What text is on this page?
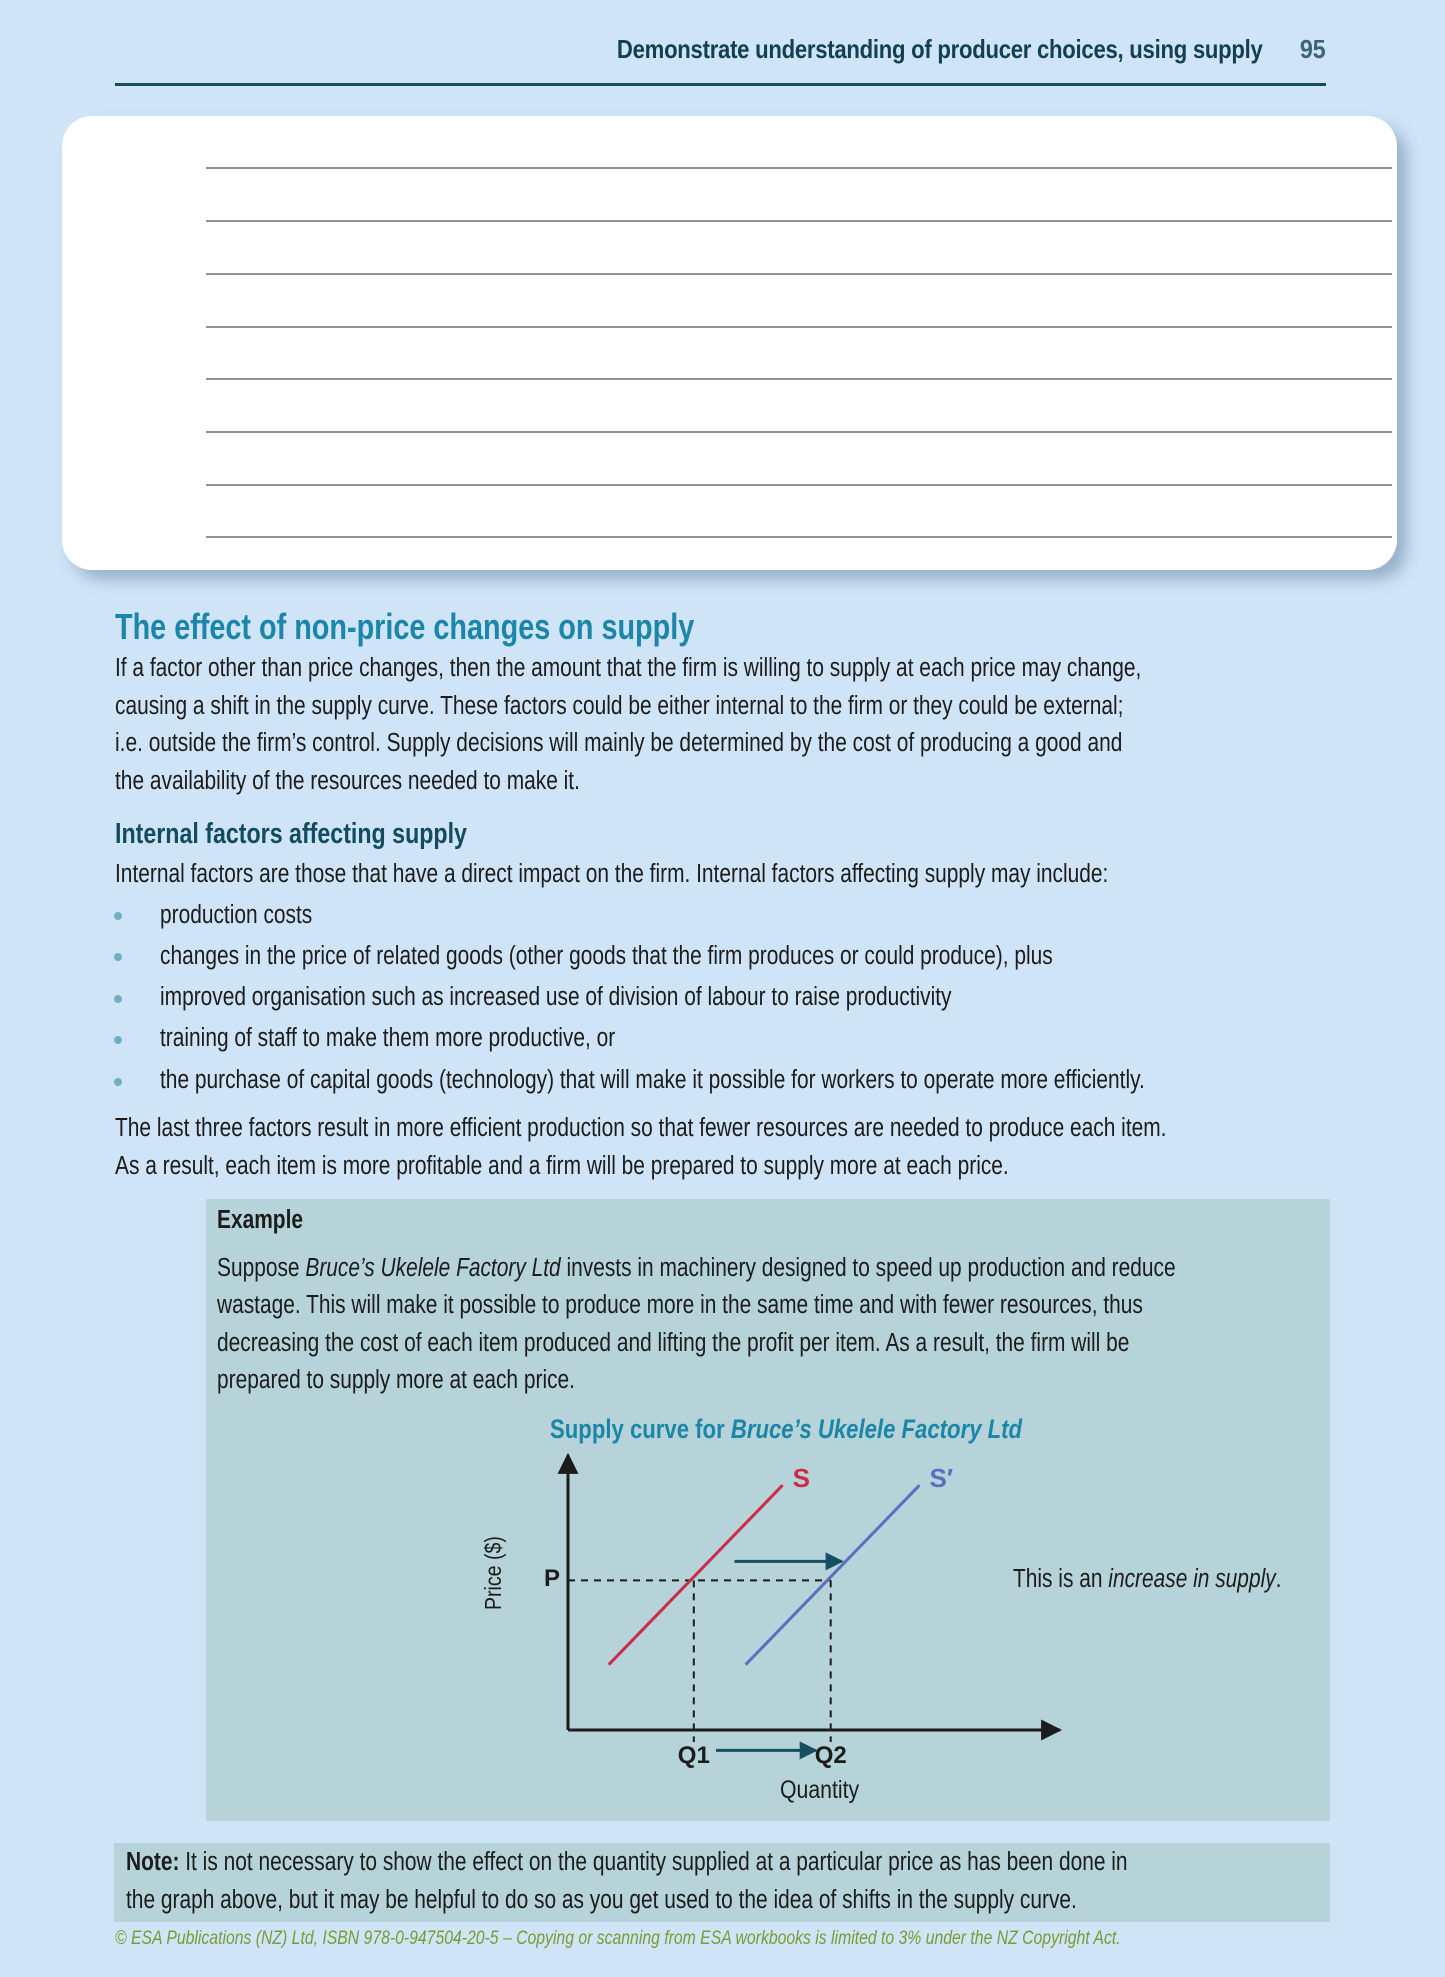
Demonstrate understanding of producer choices, using supply 95
The effect of non-price changes on supply
If a factor other than price changes, then the amount that the firm is willing to supply at each price may change,
causing a shift in the supply curve. These factors could be either internal to the firm or they could be external;
i.e. outside the firm’s control. Supply decisions will mainly be determined by the cost of producing a good and
the availability of the resources needed to make it.
Internal factors affecting supply
Internal factors are those that have a direct impact on the firm. Internal factors affecting supply may include:
production costs
changes in the price of related goods (other goods that the firm produces or could produce), plus
improved organisation such as increased use of division of labour to raise productivity
training of staff to make them more productive, or
the purchase of capital goods (technology) that will make it possible for workers to operate more efficiently.
The last three factors result in more efficient production so that fewer resources are needed to produce each item.
As a result, each item is more profitable and a firm will be prepared to supply more at each price.
Example
Suppose Bruce’s Ukelele Factory Ltd invests in machinery designed to speed up production and reduce
wastage. This will make it possible to produce more in the same time and with fewer resources, thus
decreasing the cost of each item produced and lifting the profit per item. As a result, the firm will be
prepared to supply more at each price.
Supply curve for Bruce’s Ukelele Factory Ltd
Price ($) P
Q1	Q2
Quantity
S	S′
This is an increase in supply.
Note: It is not necessary to show the effect on the quantity supplied at a particular price as has been done in
the graph above, but it may be helpful to do so as you get used to the idea of shifts in the supply curve.
© ESA Publications (NZ) Ltd, ISBN 978-0-947504-20-5 – Copying or scanning from ESA workbooks is limited to 3% under the NZ Copyright Act.
